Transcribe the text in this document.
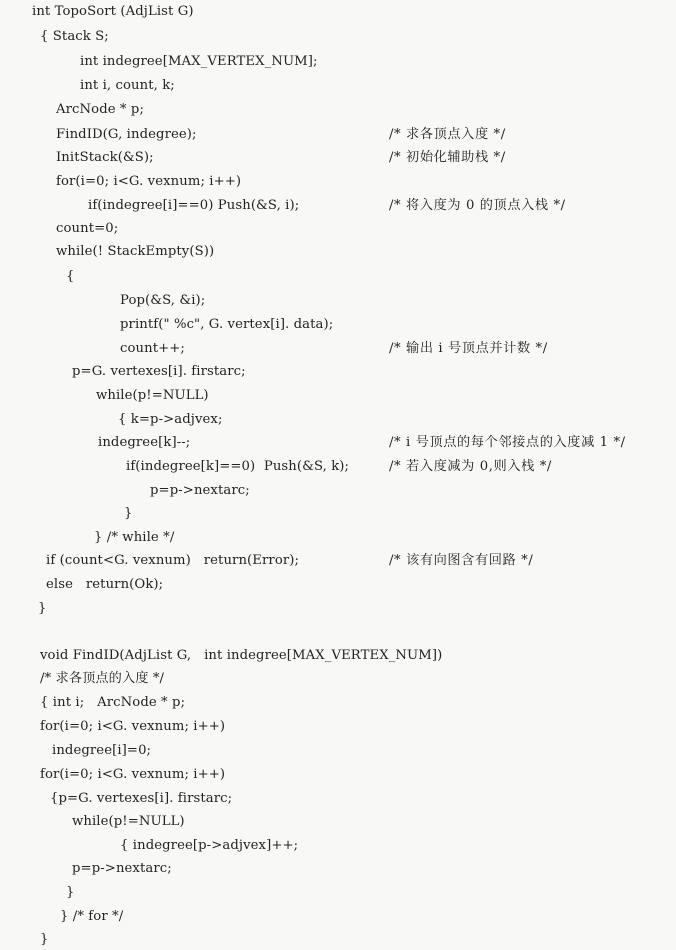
int TopoSort (AdjList G)
{ Stack S;
int indegree[MAX_VERTEX_NUM];
int i, count, k;
ArcNode * p;
FindID(G, indegree);	/* 求各顶点入度 */
InitStack(&S);	/* 初始化辅助栈 */
for(i=0; i<G. vexnum; i++)
if(indegree[i]==0) Push(&S, i);	/* 将入度为 0 的顶点入栈 */
count=0;
while(! StackEmpty(S))
{
Pop(&S, &i);
printf(" %c", G. vertex[i]. data);
count++;	/* 输出 i 号顶点并计数 */
p=G. vertexes[i]. firstarc;
while(p!=NULL)
{ k=p->adjvex;
indegree[k]--;	/* i 号顶点的每个邻接点的入度减 1 */
if(indegree[k]==0)  Push(&S, k);	/* 若入度减为 0,则入栈 */
p=p->nextarc;
}
} /* while */
if (count<G. vexnum)   return(Error);	/* 该有向图含有回路 */
else   return(Ok);
}
void FindID(AdjList G,   int indegree[MAX_VERTEX_NUM])
/* 求各顶点的入度 */
{ int i;   ArcNode * p;
for(i=0; i<G. vexnum; i++)
indegree[i]=0;
for(i=0; i<G. vexnum; i++)
{p=G. vertexes[i]. firstarc;
while(p!=NULL)
{ indegree[p->adjvex]++;
p=p->nextarc;
}
} /* for */
}
